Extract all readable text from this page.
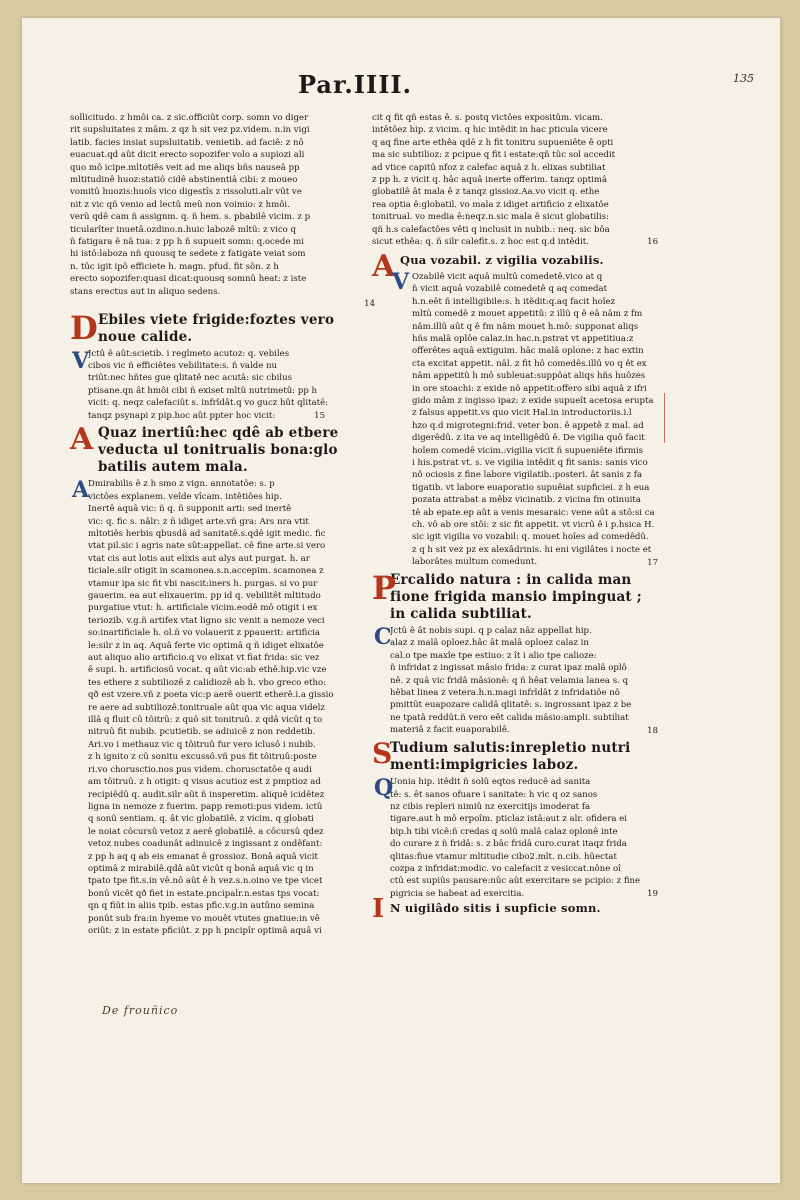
Par.IIII.	135
sollicitudo. z hmôi ca. z sic.officiût corp. somn vo diger
rit supsluitates z mâm. z qz h sit vez pz.videm. n.in vigi
latib. facies insiat supsluitatib. venietib. ad faciê: z nô
euacuat.qd aût dicit erecto sopozifer volo a supiozi ali
quo mô icipe.mltotiês veit ad me aliqs bñs nauseâ pp
mltitudinê huoz:statiô cidê abstinentiâ cibi: z moueo
vomitû huozis:huoîs vico digestîs z rissoluti.alr vût ve
nit z vic qñ venio ad lectû meû non voimio: z hmôi.
verû qdê cam ñ assignm. q. ñ hem. s. pbabilê vicim. z p
ticularîter inuetâ.ozdino.n.huic labozê mltû: z vico q
ñ fatigara ê nâ tua: z pp h ñ supueit somn: q.ocede mi
hi istô:laboza nñ quousq te sedete z fatigate veiat som
n. tûc igit ipô efficiete h. magn. pfud. fit sôn. z h
erecto sopozifer:quasi dicat:quousq somnû heat: z iste
stans erectus aut in aliquo sedens.
14
D Ebiles viete frigide:foztes vero
noue calide.
V
Jctû ê aût:scietib. i regîmeto acutoz: q. vebiles
cibos vic ñ efficiêtes vebilitate:s. ñ valde nu
triût:nec hñtes gue qlitatê nec acutâ: sic cbilus
ptisane.qn ât hmôi cibi ñ exiset mltû nutrimetû: pp h
vicit: q. neqz calefaciût s. infrîdât.q vo gucz hût qlitatê:
tanqz psynapi z pip.hoc aût ppter hoc vicit:	15
A Quaz inertiû:hec qdê ab etbere
veducta ul tonitrualis bona:glo
batilis autem mala.
A
Dmirabilis ê z h smo z vign. annotatôe: s. p
victôes explanem. veîde vîcam. intêtiôes hip.
Inertê aquâ vic: ñ q. ñ supponit arti: sed inertê
vic: q. fic s. nâlr: z ñ idiget arte.vñ gra: Ars nra vtit
mltotiês herbis qbusdâ ad sanitatê.s.qdê igit medic. fic
vtat pil.sic i agris nate sût:appellat. cê fine arte.si vero
vtat cis aut lotis aut elixis aut alys aut purgat. h. ar
ticiale.silr otigit in scamonea.s.n.accepim. scamonea z
vtamur ipa sic fit vbi nascit:iners h. purgas. si vo pur
gauerim. ea aut elixauerim. pp id q. vebilitêt mltitudo
purgatiue vtut: h. artificiale vicim.eodê mô otigit i ex
teriozib. v.g.ñ artifex vtat ligno sic venit a nemoze veci
so:inartificiale h. ol.ñ vo volauerit z ppauerit: artificia
le:silr z in aq. Aquâ ferte vic optimâ q ñ idiget elixatôe
aut aliquo alio artificio.q vo elixat vt fiat frida: sic vez
ê supi. h. artificiosû vocat. q aût vic:ab ethê.hip.vic vze
tes ethere z subtiliozê z calidiozê ab h. vbo greco etho:
qð est vzere.vñ z poeta vic:p aerê ouerit etherê.i.a gissio
re aere ad subtiliozê.tonitruale aût qua vic aqua videlz
illâ q fluit cû tôitrû: z quô sit tonitruû. z qdâ vicût q to
nitruû fit nubib. pcutietib. se adiuicê z non reddetib.
Ari.vo i methauz vic q tôitruû fur vero iclusô i nubib.
z h ignito z cû sonitu excussô.vñ pus fit tôitruû:poste
ri.vo chorusctio.nos pus videm. chorusctatôe q audi
am tôitruû. z h otigit: q visus acutioz est z pmptioz ad
recipiêdû q. audit.silr aût ñ insperetim. aliquê icidêtez
ligna in nemoze z fuerim. papp remoti:pus videm. ictû
q sonû sentiam. q. ât vic globatilê. z vicim. q globati
le noiat côcursû vetoz z aerê globatilê. a côcursû qdez
vetoz nubes coadunât adinuicê z ingissant z ondêfant:
z pp h aq q ab eis emanat ê grossioz. Bonâ aquâ vicit
optimâ z mirabilê.qdâ aût vicût q bonâ aquâ vic q in
tpato tpe fit.s.in vê.nô aût ê h vez.s.n.oino ve tpe vicet
bonû vicêt qð fiet in estate.pncipalr.n.estas tps vocat:
qn q fiût in aliis tpib. estas pfic.v.g.in autûno semina
ponût sub fra:in hyeme vo mouêt vtutes gnatiue:in vê
oriût: z in estate pficiût. z pp h pncipîr optimâ aquâ vi
cit q fit qñ estas ê. s. postq victôes expositûm. vicam.
intêtôez hip. z vicim. q hic intêdit in hac pticula vicere
q aq fine arte ethêa qdê z h fit tonitru supueniête ê opti
ma sic subtilioz: z pcipue q fit i estate:qñ tûc sol accedit
ad vtice capitû nfoz z calefac aquâ z h. elixas subtiliat
z pp h. z vicit q. hâc aquâ inerte offerim. tanqz optimâ
globatilê ât mala ê z tanqz gissioz.Aa.vo vicit q. ethe
rea optia ê:globatil. vo mala z idiget artificio z elixatôe
tonitrual. vo media ê:neqz.n.sic mala ê sicut globatilis:
qñ h.s calefactôes vêti q inclusit in nubib.: neq. sic bôa
sicut ethêa: q. ñ silr calefit.s. z hoc est q.d intêdit.	16
A Qua vozabil. z vigilia vozabilis.
V Ozabilê vicit aquâ multû comedetê.vico at q
ñ vicit aquâ vozabilê comedetê q aq comedat
h.n.eêt ñ intelligibile:s. h itêdit:q.aq facit hoîez
mltû comedê z mouet appetitû: z illû q ê eâ nâm z fm
nâm.illû aût q ê fm nâm mouet h.mô: supponat aliqs
hñs malâ oplôe calaz.in hac.n.pstrat vt appetitiua:z
offerêtes aquâ extiguim. hâc malâ oplone: z hac extin
cta excitat appetit. nâl. z fit hô comedês.illû vo q êt ex
nâm appetitû h mô subleuat:suppôat aliqs hñs huôzes
in ore stoachi: z exide nô appetit:offero sibi aquâ z ifri
gido mâm z ingisso ipaz: z exide supueît acetosa erupta
z falsus appetit.vs quo vicit Hal.in introductoriis.i.l
hzo q.d migrotegni:frid. veter bon. ê appetê z mal. ad
digerêdû. z ita ve aq intelligêdû ê. De vigilia quô facit
hoîem comedê vicim.:vigilia vicit ñ supueniête ifirmis
i his.pstrat vt. s. ve vigilia intêdit q fit sanis: sanis vico
nô ociosis z fine labore vigilatib.:posteri. ât sanis z fa
tigatib. vt labore euaporatio supuêiat supficiei. z h eua
pozata attrabat a mêbz vicinatib. z vicina fm otinuita
tê ab epate.ep aût a venis mesaraic: vene aût a stô:si ca
ch. vô ab ore stôi: z sic fit appetit. vt vicrû ê i p.hsica H.
sic igit vigilia vo vozabil: q. mouet hoîes ad comedêdû.
z q h sit vez pz ex alexâdrinis. hi eni vigilâtes i nocte et
laborâtes multum comedunt.	17
P
Ercalido natura : in calida man
fione frigida mansio impinguat ;
in calida subtiliat.
C
Jctû ê ât nobis supi. q p calaz nâz appellat hip.
alaz z malâ oploez.hâc ât malâ oploez calaz in
cal.o tpe maxîe tpe estiuo: z ît i alio tpe calioze:
ñ infridat z ingissat mâsio frida: z curat ipaz malâ oplô
nê. z quâ vic fridâ mâsionê: q ñ hêat velamia lanea s. q
hêbat linea z vetera.h.n.magi infrîdât z infridatiôe nô
pmittût euapozare calidâ qlitatê: s. ingrossant ipaz z be
ne tpatâ reddût.ñ vero eêt calida mâsio:ampli. subtiliat
materiâ z facit euaporabilê.	18
S
Tudium salutis:inrepletio nutri
menti:impigricies laboz.
Q
Uonia hip. itêdit ñ solû eqtos reducê ad sanita
tê: s. êt sanos ofuare i sanitate: h vic q oz sanos
nz cibis repleri nimiû nz exercitijs imoderat fa
tigare.aut h mô erpoîm. pticlaz istâ:aut z alr. ofidera ei
bip.h tibi vicê:ñ credas q solû malâ calaz oplonê inte
do curare z ñ fridâ: s. z bâc fridâ curo.curat itaqz frida
qlitas:fiue vtamur mltitudie cibo2.mlt. n.cib. hûectat
cozpa z infridat:modic. vo calefacit z vesiccat.nône oî
ctû est supiûs pausare:nûc aût exercitare se pcipio: z fine
pigricia se habeat ad exercitia.	19
I N uigilâdo sitis i supficie somn.
De frouñico
